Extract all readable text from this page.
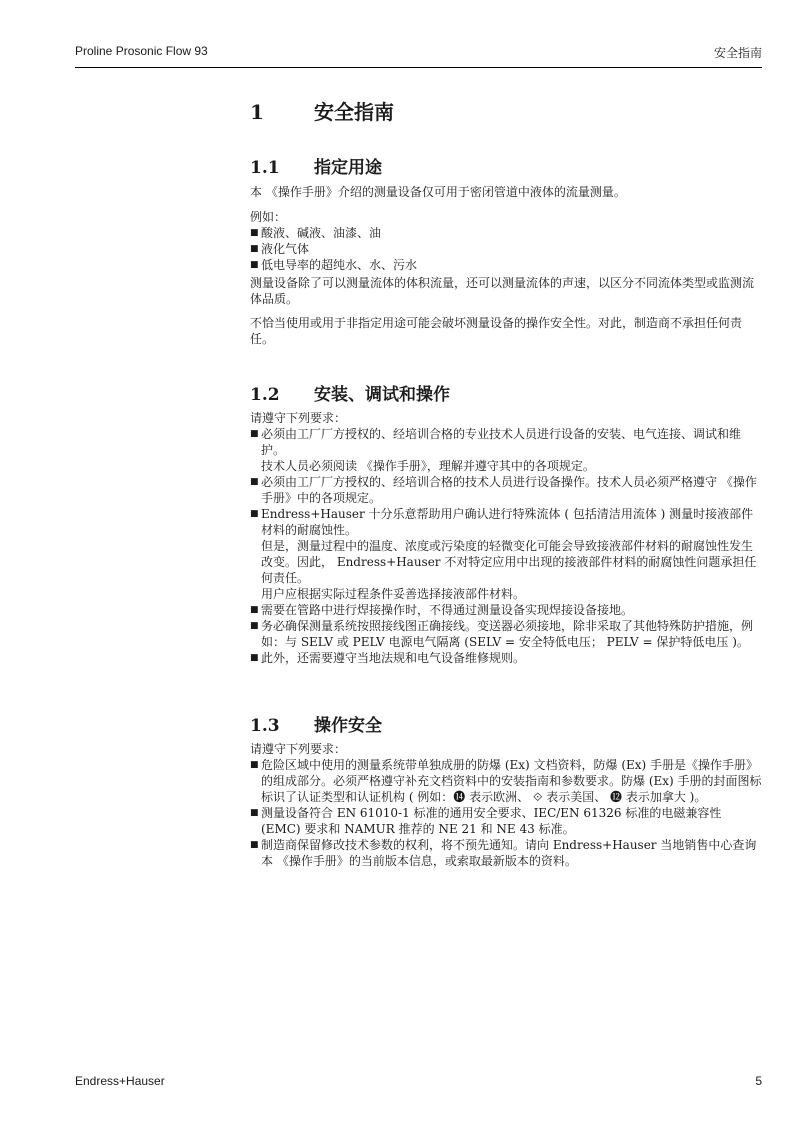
Proline Prosonic Flow 93	安全指南
1	安全指南
1.1 指定用途
本 《操作手册》介绍的测量设备仅可用于密闭管道中液体的流量测量。
例如：
■ 酸液、碱液、油漆、油
■ 液化气体
■ 低电导率的超纯水、水、污水
测量设备除了可以测量流体的体积流量，还可以测量流体的声速，以区分不同流体类型或监测流体品质。
不恰当使用或用于非指定用途可能会破坏测量设备的操作安全性。对此，制造商不承担任何责任。
1.2 安装、调试和操作
请遵守下列要求：
■ 必须由工厂厂方授权的、经培训合格的专业技术人员进行设备的安装、电气连接、调试和维护。
技术人员必须阅读 《操作手册》，理解并遵守其中的各项规定。
■ 必须由工厂厂方授权的、经培训合格的技术人员进行设备操作。技术人员必须严格遵守 《操作手册》中的各项规定。
■ Endress+Hauser 十分乐意帮助用户确认进行特殊流体 ( 包括清洁用流体 ) 测量时接液部件材料的耐腐蚀性。
但是，测量过程中的温度、浓度或污染度的轻微变化可能会导致接液部件材料的耐腐蚀性发生改变。因此， Endress+Hauser 不对特定应用中出现的接液部件材料的耐腐蚀性问题承担任何责任。
用户应根据实际过程条件妥善选择接液部件材料。
■ 需要在管路中进行焊接操作时，不得通过测量设备实现焊接设备接地。
■ 务必确保测量系统按照接线图正确接线。变送器必须接地，除非采取了其他特殊防护措施，例如：与 SELV 或 PELV 电源电气隔离 (SELV = 安全特低电压； PELV = 保护特低电压 )。
■ 此外，还需要遵守当地法规和电气设备维修规则。
1.3 操作安全
请遵守下列要求：
■ 危险区域中使用的测量系统带单独成册的防爆 (Ex) 文档资料，防爆 (Ex) 手册是《操作手册》的组成部分。必须严格遵守补充文档资料中的安装指南和参数要求。防爆 (Ex) 手册的封面图标标识了认证类型和认证机构 ( 例如：⓮ 表示欧洲、 ⟐ 表示美国、 ⓬ 表示加拿大 )。
■ 测量设备符合 EN 61010-1 标准的通用安全要求、IEC/EN 61326 标准的电磁兼容性 (EMC) 要求和 NAMUR 推荐的 NE 21 和 NE 43 标准。
■ 制造商保留修改技术参数的权利，将不预先通知。请向 Endress+Hauser 当地销售中心查询本 《操作手册》的当前版本信息，或索取最新版本的资料。
Endress+Hauser	5
